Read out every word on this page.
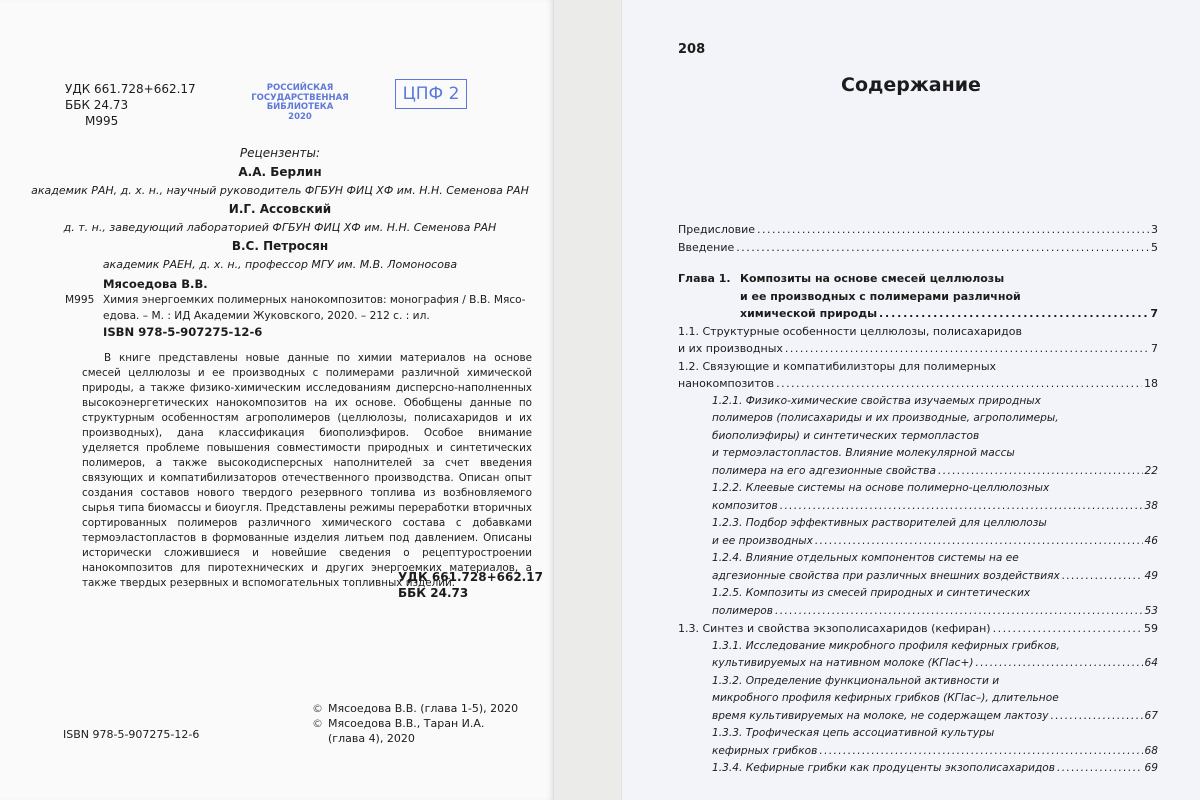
УДК 661.728+662.17
ББК 24.73
М995
РОССИЙСКАЯ
ГОСУДАРСТВЕННАЯ
БИБЛИОТЕКА
2020
ЦПФ 2
Рецензенты:
А.А. Берлин
академик РАН, д. х. н., научный руководитель ФГБУН ФИЦ ХФ им. Н.Н. Семенова РАН
И.Г. Ассовский
д. т. н., заведующий лабораторией ФГБУН ФИЦ ХФ им. Н.Н. Семенова РАН
В.С. Петросян
академик РАЕН, д. х. н., профессор МГУ им. М.В. Ломоносова
Мясоедова В.В.
М995 Химия энергоемких полимерных нанокомпозитов: монография / В.В. Мясо-
едова. – М. : ИД Академии Жуковского, 2020. – 212 с. : ил.
ISBN 978-5-907275-12-6
В книге представлены новые данные по химии материалов на основе смесей целлюлозы и ее производных с полимерами различной химической природы, а также физико-химическим исследованиям дисперсно-наполненных высокоэнергетических нанокомпозитов на их основе. Обобщены данные по структурным особенностям агрополимеров (целлюлозы, полисахаридов и их производных), дана классификация биополиэфиров. Особое внимание уделяется проблеме повышения совместимости природных и синтетических полимеров, а также высокодисперсных наполнителей за счет введения связующих и компатибилизаторов отечественного производства. Описан опыт создания составов нового твердого резервного топлива из возбновляемого сырья типа биомассы и биоугля. Представлены режимы переработки вторичных сортированных полимеров различного химического состава с добавками термоэластопластов в формованные изделия литьем под давлением. Описаны исторически сложившиеся и новейшие сведения о рецептуростроении нанокомпозитов для пиротехнических и других энергоемких материалов, а также твердых резервных и вспомогательных топливных изделий.
УДК 661.728+662.17
ББК 24.73
ISBN 978-5-907275-12-6
© Мясоедова В.В. (глава 1-5), 2020
© Мясоедова В.В., Таран И.А.
(глава 4), 2020
208
Содержание
Предисловие . . .	3
Введение . . .	5
Глава 1. Композиты на основе смесей целлюлозы
и ее производных с полимерами различной
химической природы . . .	7
1.1. Структурные особенности целлюлозы, полисахаридов
и их производных . . .	7
1.2. Связующие и компатибилизторы для полимерных
нанокомпозитов . . .	18
1.2.1. Физико-химические свойства изучаемых природных
полимеров (полисахариды и их производные, агрополимеры,
биополиэфиры) и синтетических термопластов
и термоэластопластов. Влияние молекулярной массы
полимера на его адгезионные свойства . . .	22
1.2.2. Клеевые системы на основе полимерно-целлюлозных
композитов . . .	38
1.2.3. Подбор эффективных растворителей для целлюлозы
и ее производных . . .	46
1.2.4. Влияние отдельных компонентов системы на ее
адгезионные свойства при различных внешних воздействиях . . .	49
1.2.5. Композиты из смесей природных и синтетических
полимеров . . .	53
1.3. Синтез и свойства экзополисахаридов (кефиран) . . .	59
1.3.1. Исследование микробного профиля кефирных грибков,
культивируемых на нативном молоке (КГlас+) . . .	64
1.3.2. Определение функциональной активности и
микробного профиля кефирных грибков (КГlас–), длительное
время культивируемых на молоке, не содержащем лактозу . . .	67
1.3.3. Трофическая цепь ассоциативной культуры
кефирных грибков . . .	68
1.3.4. Кефирные грибки как продуценты экзополисахаридов . . .	69
